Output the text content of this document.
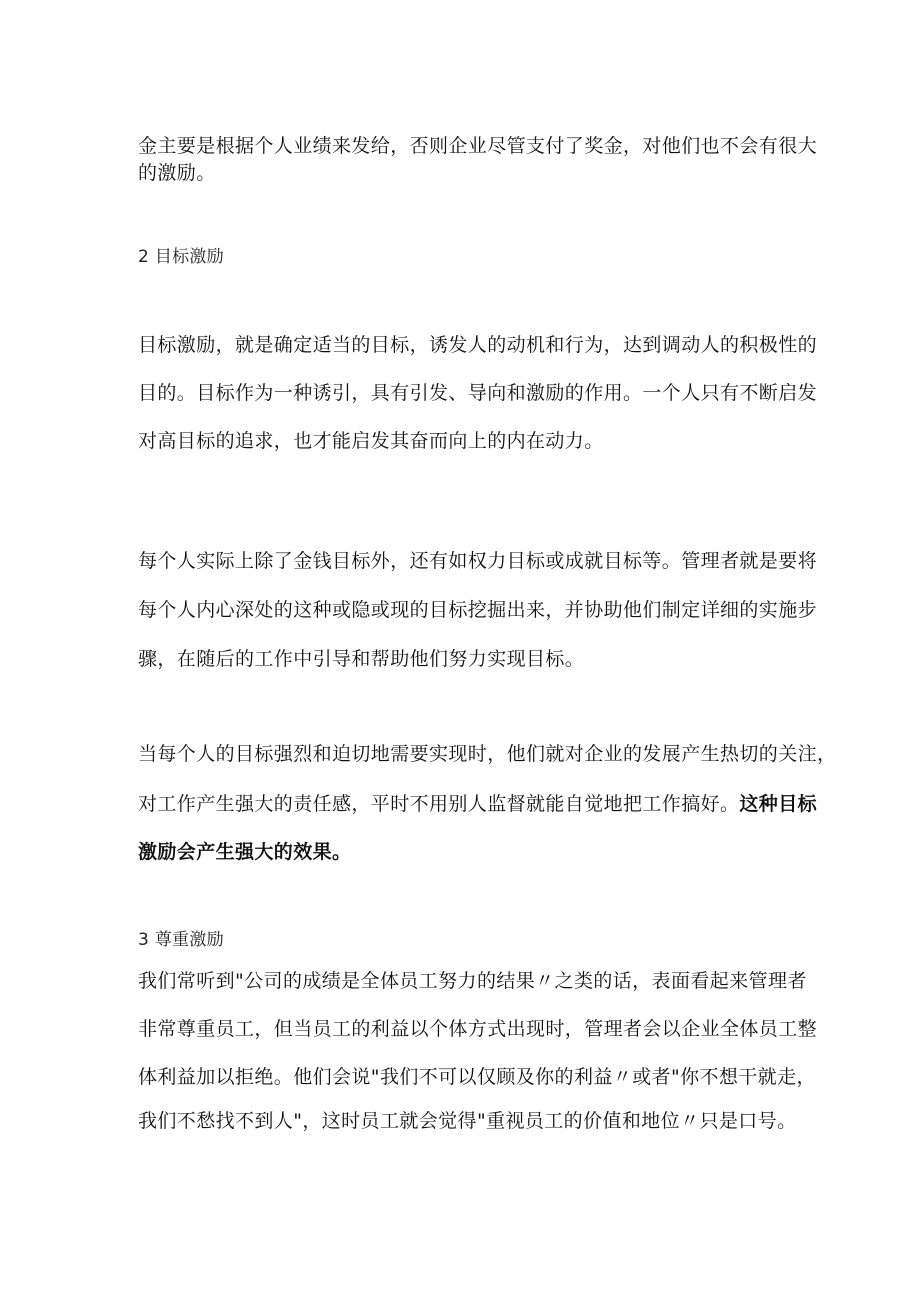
金主要是根据个人业绩来发给，否则企业尽管支付了奖金，对他们也不会有很大
的激励。
2 目标激励
目标激励，就是确定适当的目标，诱发人的动机和行为，达到调动人的积极性的
目的。目标作为一种诱引，具有引发、导向和激励的作用。一个人只有不断启发
对高目标的追求，也才能启发其奋而向上的内在动力。
每个人实际上除了金钱目标外，还有如权力目标或成就目标等。管理者就是要将
每个人内心深处的这种或隐或现的目标挖掘出来，并协助他们制定详细的实施步
骤，在随后的工作中引导和帮助他们努力实现目标。
当每个人的目标强烈和迫切地需要实现时，他们就对企业的发展产生热切的关注，
对工作产生强大的责任感，平时不用别人监督就能自觉地把工作搞好。这种目标
激励会产生强大的效果。
3 尊重激励
我们常听到"公司的成绩是全体员工努力的结果〃之类的话，表面看起来管理者
非常尊重员工，但当员工的利益以个体方式出现时，管理者会以企业全体员工整
体利益加以拒绝。他们会说"我们不可以仅顾及你的利益〃或者"你不想干就走，
我们不愁找不到人"，这时员工就会觉得"重视员工的价值和地位〃只是口号。
